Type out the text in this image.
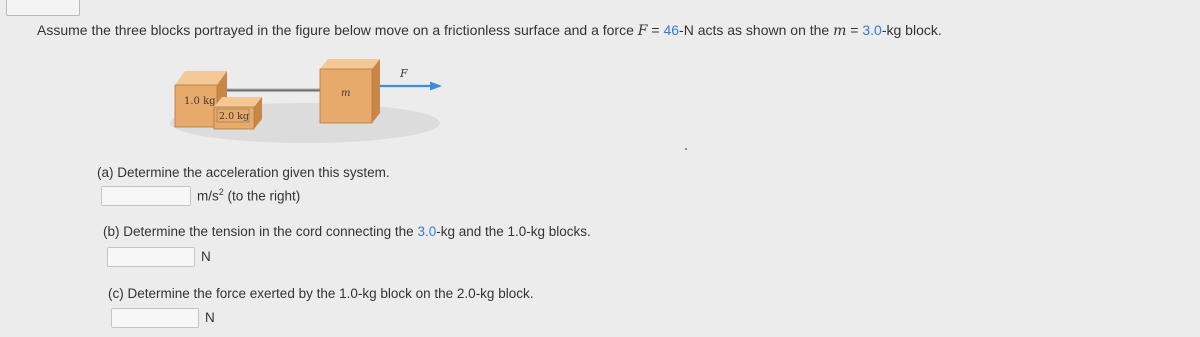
Assume the three blocks portrayed in the figure below move on a frictionless surface and a force F = 46-N acts as shown on the m = 3.0-kg block.
1.0 kg
2.0 kg
m
F
(a) Determine the acceleration given this system.
$m/s^2$ (to the right)
(b) Determine the tension in the cord connecting the 3.0-kg and the 1.0-kg blocks.
N
(c) Determine the force exerted by the 1.0-kg block on the 2.0-kg block.
N
